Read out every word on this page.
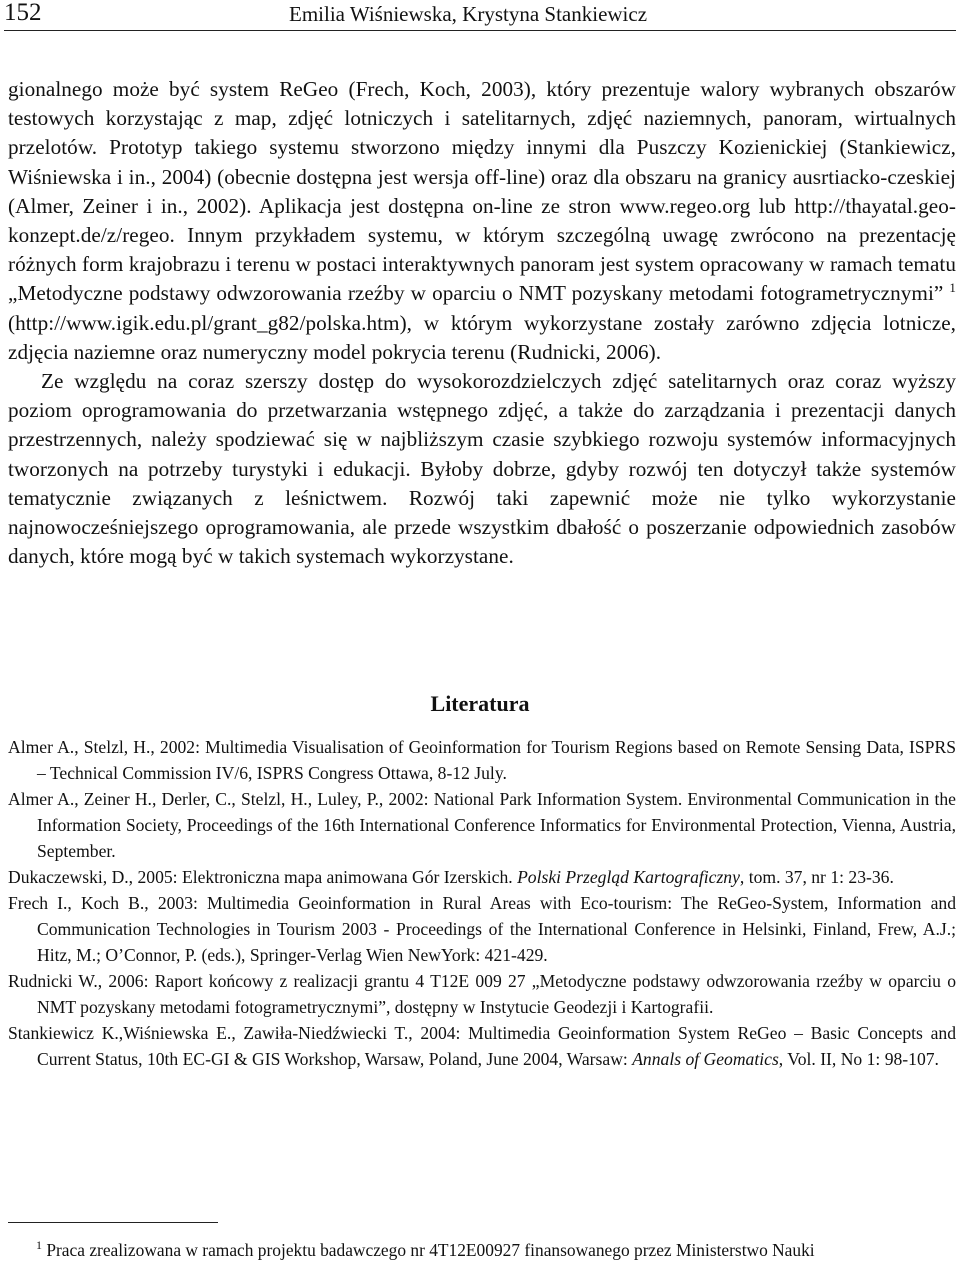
152	Emilia Wiśniewska, Krystyna Stankiewicz

gionalnego może być system ReGeo (Frech, Koch, 2003), który prezentuje walory wybranych obszarów testowych korzystając z map, zdjęć lotniczych i satelitarnych, zdjęć naziemnych, panoram, wirtualnych przelotów. Prototyp takiego systemu stworzono między innymi dla Puszczy Kozienickiej (Stankiewicz, Wiśniewska i in., 2004) (obecnie dostępna jest wersja off-line) oraz dla obszaru na granicy ausrtiacko-czeskiej (Almer, Zeiner i in., 2002). Aplikacja jest dostępna on-line ze stron www.regeo.org lub http://thayatal.geo-konzept.de/z/regeo. Innym przykładem systemu, w którym szczególną uwagę zwrócono na prezentację różnych form krajobrazu i terenu w postaci interaktywnych panoram jest system opracowany w ramach tematu „Metodyczne podstawy odwzorowania rzeźby w oparciu o NMT pozyskany metodami fotogrametrycznymi” $^1$ (http://www.igik.edu.pl/grant_g82/polska.htm), w którym wykorzystane zostały zarówno zdjęcia lotnicze, zdjęcia naziemne oraz numeryczny model pokrycia terenu (Rudnicki, 2006).

Ze względu na coraz szerszy dostęp do wysokorozdzielczych zdjęć satelitarnych oraz coraz wyższy poziom oprogramowania do przetwarzania wstępnego zdjęć, a także do zarządzania i prezentacji danych przestrzennych, należy spodziewać się w najbliższym czasie szybkiego rozwoju systemów informacyjnych tworzonych na potrzeby turystyki i edukacji. Byłoby dobrze, gdyby rozwój ten dotyczył także systemów tematycznie związanych z leśnictwem. Rozwój taki zapewnić może nie tylko wykorzystanie najnowocześniejszego oprogramowania, ale przede wszystkim dbałość o poszerzanie odpowiednich zasobów danych, które mogą być w takich systemach wykorzystane.

Literatura

Almer A., Stelzl, H., 2002: Multimedia Visualisation of Geoinformation for Tourism Regions based on Remote Sensing Data, ISPRS – Technical Commission IV/6, ISPRS Congress Ottawa, 8-12 July.

Almer A., Zeiner H., Derler, C., Stelzl, H., Luley, P., 2002: National Park Information System. Environmental Communication in the Information Society, Proceedings of the 16th International Conference Informatics for Environmental Protection, Vienna, Austria, September.

Dukaczewski, D., 2005: Elektroniczna mapa animowana Gór Izerskich. Polski Przegląd Kartograficzny, tom. 37, nr 1: 23-36.

Frech I., Koch B., 2003: Multimedia Geoinformation in Rural Areas with Eco-tourism: The ReGeo-System, Information and Communication Technologies in Tourism 2003 - Proceedings of the International Conference in Helsinki, Finland, Frew, A.J.; Hitz, M.; O’Connor, P. (eds.), Springer-Verlag Wien NewYork: 421-429.

Rudnicki W., 2006: Raport końcowy z realizacji grantu 4 T12E 009 27 „Metodyczne podstawy odwzorowania rzeźby w oparciu o NMT pozyskany metodami fotogrametrycznymi”, dostępny w Instytucie Geodezji i Kartografii.

Stankiewicz K.,Wiśniewska E., Zawiła-Niedźwiecki T., 2004: Multimedia Geoinformation System ReGeo – Basic Concepts and Current Status, 10th EC-GI & GIS Workshop, Warsaw, Poland, June 2004, Warsaw: Annals of Geomatics, Vol. II, No 1: 98-107.

$^1$ Praca zrealizowana w ramach projektu badawczego nr 4T12E00927 finansowanego przez Ministerstwo Nauki
